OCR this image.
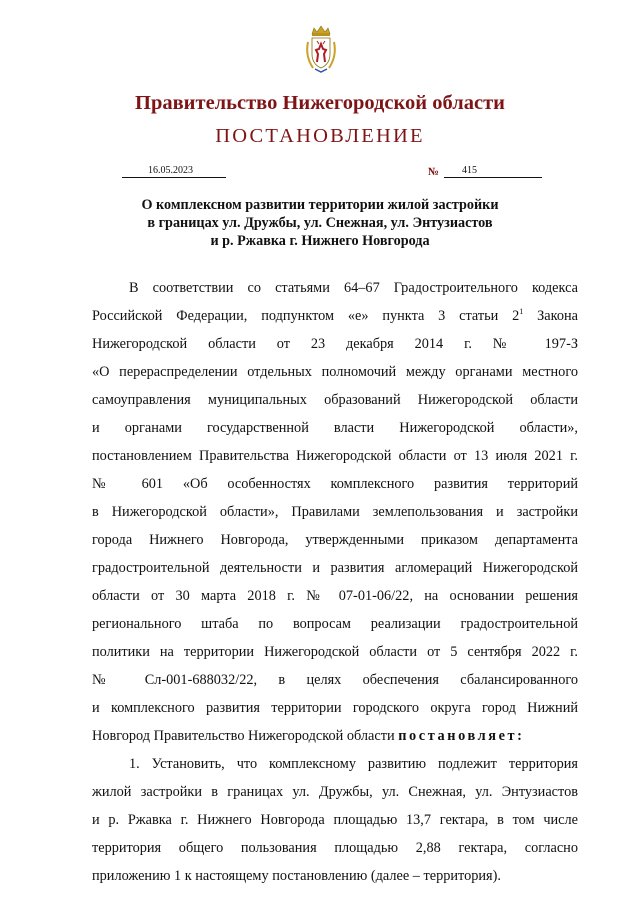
Правительство Нижегородской области
ПОСТАНОВЛЕНИЕ
16.05.2023	№ 415
О комплексном развитии территории жилой застройки
в границах ул. Дружбы, ул. Снежная, ул. Энтузиастов
и р. Ржавка г. Нижнего Новгорода
В соответствии со статьями 64–67 Градостроительного кодекса
Российской Федерации, подпунктом «е» пункта 3 статьи $2^1$ Закона
Нижегородской области от 23 декабря 2014 г. № 197-З
«О перераспределении отдельных полномочий между органами местного
самоуправления муниципальных образований Нижегородской области
и органами государственной власти Нижегородской области»,
постановлением Правительства Нижегородской области от 13 июля 2021 г.
№ 601 «Об особенностях комплексного развития территорий
в Нижегородской области», Правилами землепользования и застройки
города Нижнего Новгорода, утвержденными приказом департамента
градостроительной деятельности и развития агломераций Нижегородской
области от 30 марта 2018 г. № 07-01-06/22, на основании решения
регионального штаба по вопросам реализации градостроительной
политики на территории Нижегородской области от 5 сентября 2022 г.
№ Сл-001-688032/22, в целях обеспечения сбалансированного
и комплексного развития территории городского округа город Нижний
Новгород Правительство Нижегородской области постановляет:
1. Установить, что комплексному развитию подлежит территория
жилой застройки в границах ул. Дружбы, ул. Снежная, ул. Энтузиастов
и р. Ржавка г. Нижнего Новгорода площадью 13,7 гектара, в том числе
территория общего пользования площадью 2,88 гектара, согласно
приложению 1 к настоящему постановлению (далее – территория).
